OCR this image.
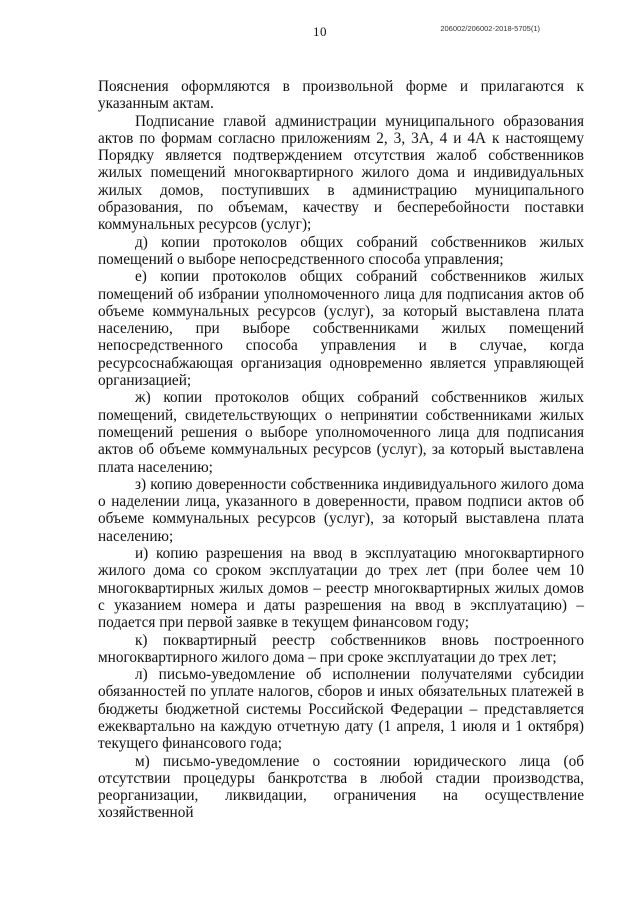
10	206002/206002-2018-5705(1)

Пояснения оформляются в произвольной форме и прилагаются к указанным актам.

Подписание главой администрации муниципального образования актов по формам согласно приложениям 2, 3, 3А, 4 и 4А к настоящему Порядку является подтверждением отсутствия жалоб собственников жилых помещений многоквартирного жилого дома и индивидуальных жилых домов, поступивших в администрацию муниципального образования, по объемам, качеству и бесперебойности поставки коммунальных ресурсов (услуг);

д) копии протоколов общих собраний собственников жилых помещений о выборе непосредственного способа управления;

е) копии протоколов общих собраний собственников жилых помещений об избрании уполномоченного лица для подписания актов об объеме коммунальных ресурсов (услуг), за который выставлена плата населению, при выборе собственниками жилых помещений непосредственного способа управления и в случае, когда ресурсоснабжающая организация одновременно является управляющей организацией;

ж) копии протоколов общих собраний собственников жилых помещений, свидетельствующих о непринятии собственниками жилых помещений решения о выборе уполномоченного лица для подписания актов об объеме коммунальных ресурсов (услуг), за который выставлена плата населению;

з) копию доверенности собственника индивидуального жилого дома о наделении лица, указанного в доверенности, правом подписи актов об объеме коммунальных ресурсов (услуг), за который выставлена плата населению;

и) копию разрешения на ввод в эксплуатацию многоквартирного жилого дома со сроком эксплуатации до трех лет (при более чем 10 многоквартирных жилых домов – реестр многоквартирных жилых домов с указанием номера и даты разрешения на ввод в эксплуатацию) – подается при первой заявке в текущем финансовом году;

к) поквартирный реестр собственников вновь построенного многоквартирного жилого дома – при сроке эксплуатации до трех лет;

л) письмо-уведомление об исполнении получателями субсидии обязанностей по уплате налогов, сборов и иных обязательных платежей в бюджеты бюджетной системы Российской Федерации – представляется ежеквартально на каждую отчетную дату (1 апреля, 1 июля и 1 октября) текущего финансового года;

м) письмо-уведомление о состоянии юридического лица (об отсутствии процедуры банкротства в любой стадии производства, реорганизации, ликвидации, ограничения на осуществление хозяйственной
